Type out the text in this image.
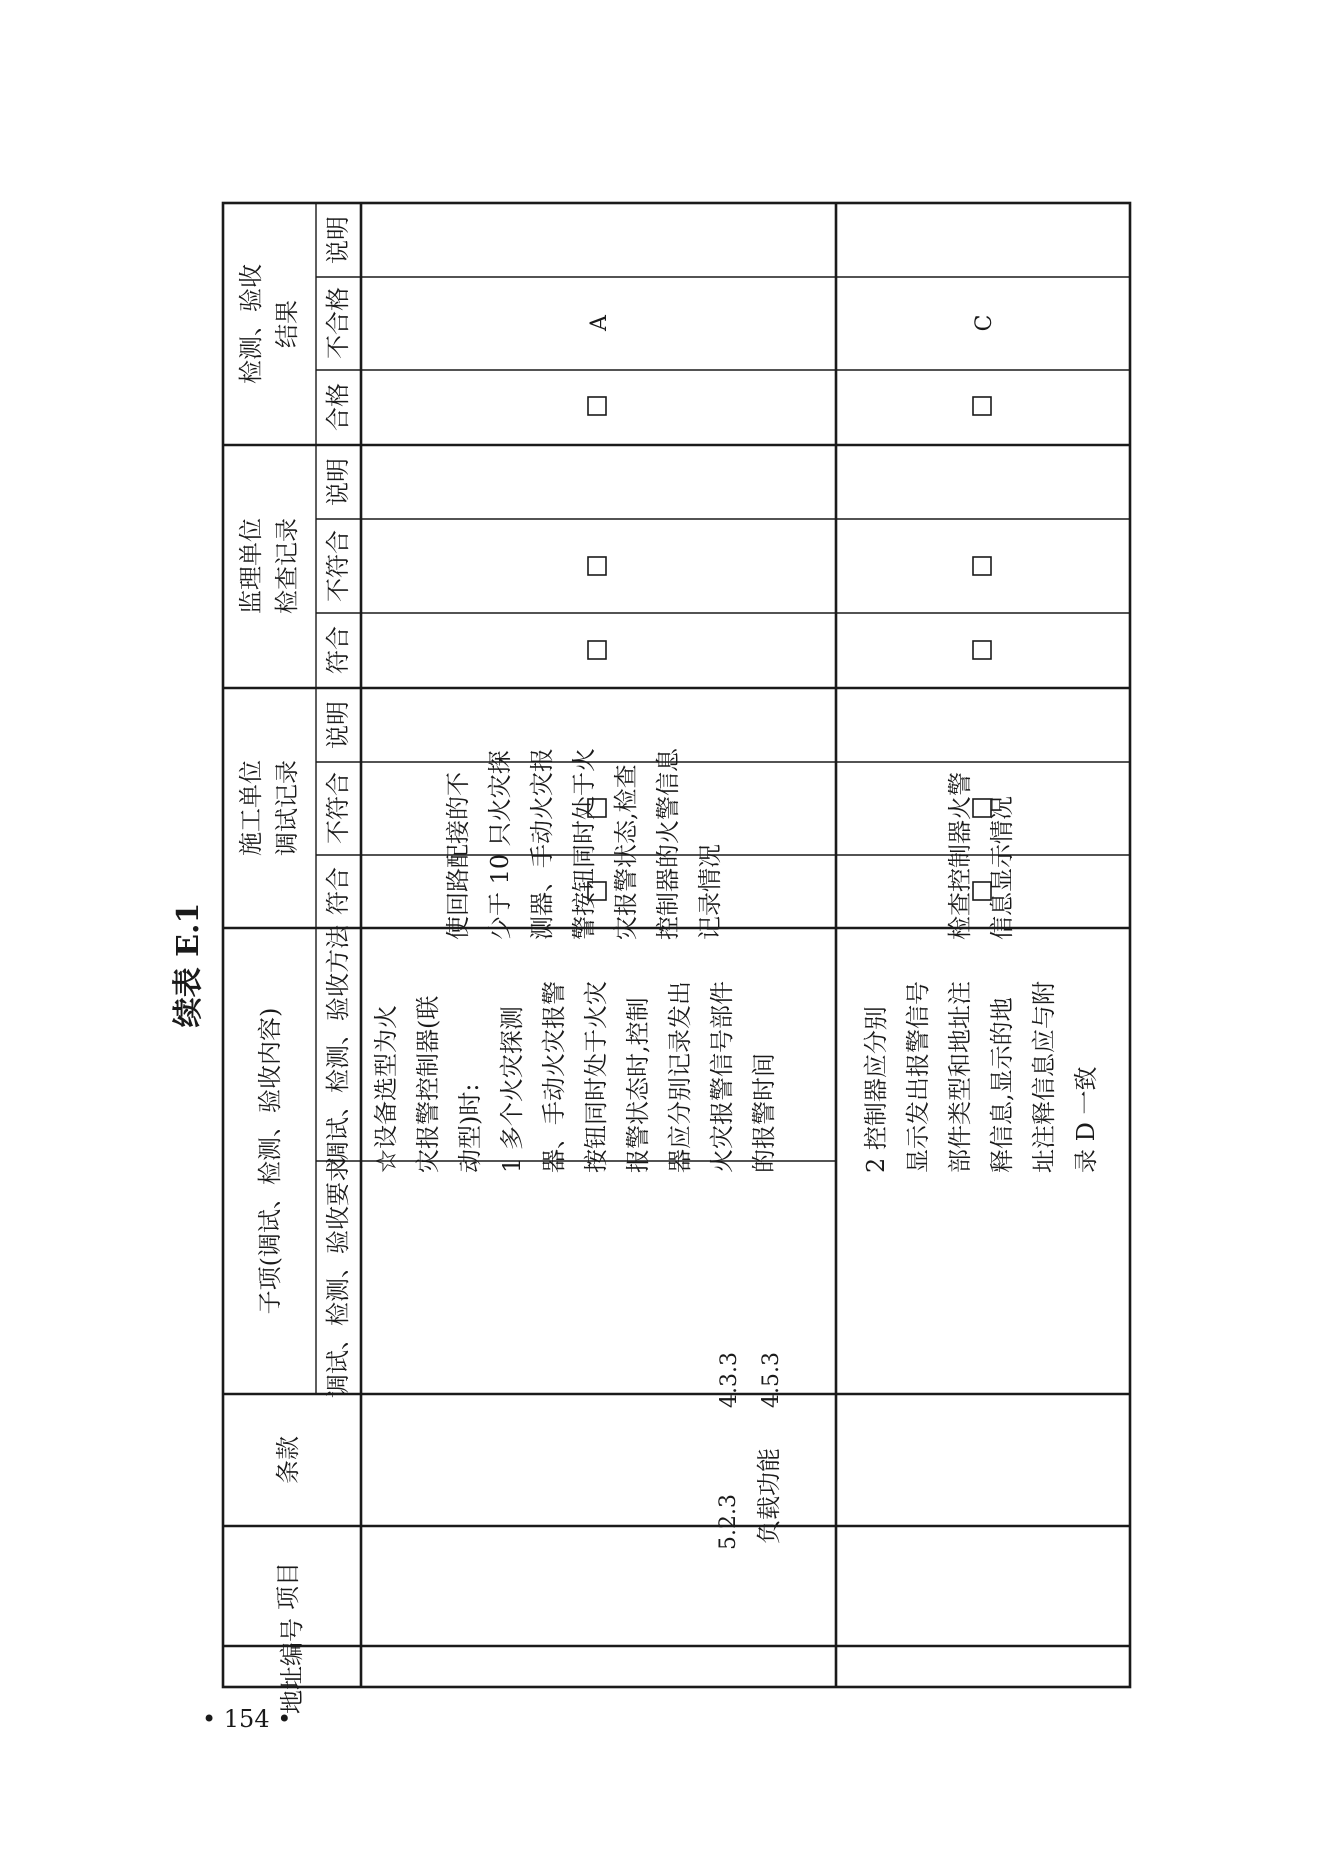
续表 E.1
• 154 •
检测、验收 结果
说明
不合格
合格
监理单位 检查记录
说明
不符合
符合
施工单位 调试记录
说明
不符合
符合
子项(调试、检测、验收内容) 调试、检测、验收方法
调试、检测、验收要求
条款
项目
地址编号
A
使回路配接的不 少于 10 只火灾探 测器、手动火灾报 警按钮同时处于火 灾报警状态,检查 控制器的火警信息 记录情况
☆设备选型为火 灾报警控制器(联 动型)时: 1 多个火灾探测 器、手动火灾报警 按钮同时处于火灾 报警状态时,控制 器应分别记录发出 火灾报警信号部件 的报警时间
4.3.3 4.5.3
5.2.3 负载功能
C
检查控制器火警 信息显示情况
2 控制器应分别 显示发出报警信号 部件类型和地址注 释信息,显示的地 址注释信息应与附 录 D 一致
